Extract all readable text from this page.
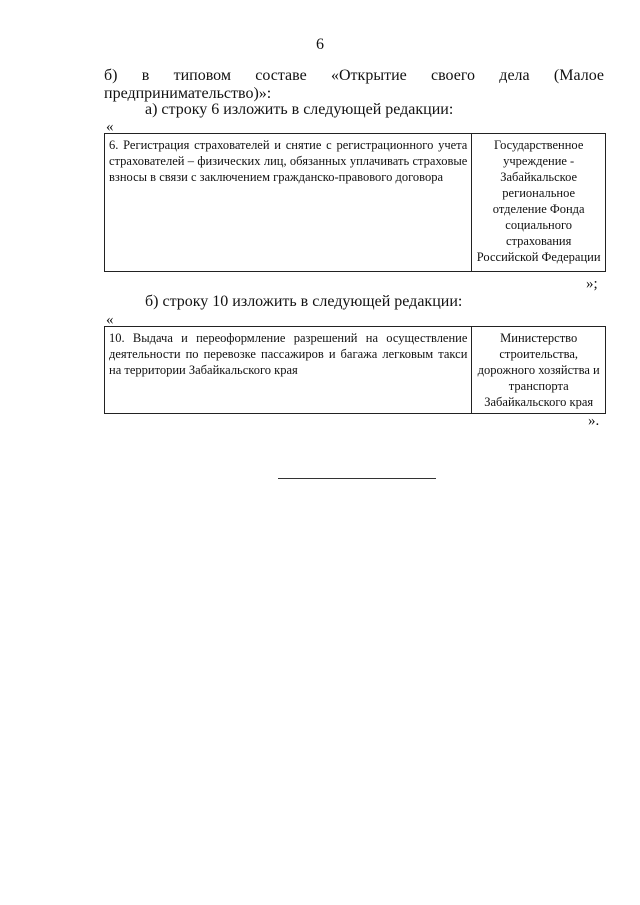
6
б) в типовом составе «Открытие своего дела (Малое
предпринимательство)»:
а) строку 6 изложить в следующей редакции:
«
6. Регистрация страхователей и снятие с регистрационного учета страхователей – физических лиц, обязанных уплачивать страховые взносы в связи с заключением гражданско-правового договора	Государственное учреждение - Забайкальское региональное отделение Фонда социального страхования Российской Федерации
»;
б) строку 10 изложить в следующей редакции:
«
10. Выдача и переоформление разрешений на осуществление деятельности по перевозке пассажиров и багажа легковым такси на территории Забайкальского края	Министерство строительства, дорожного хозяйства и транспорта Забайкальского края
».
